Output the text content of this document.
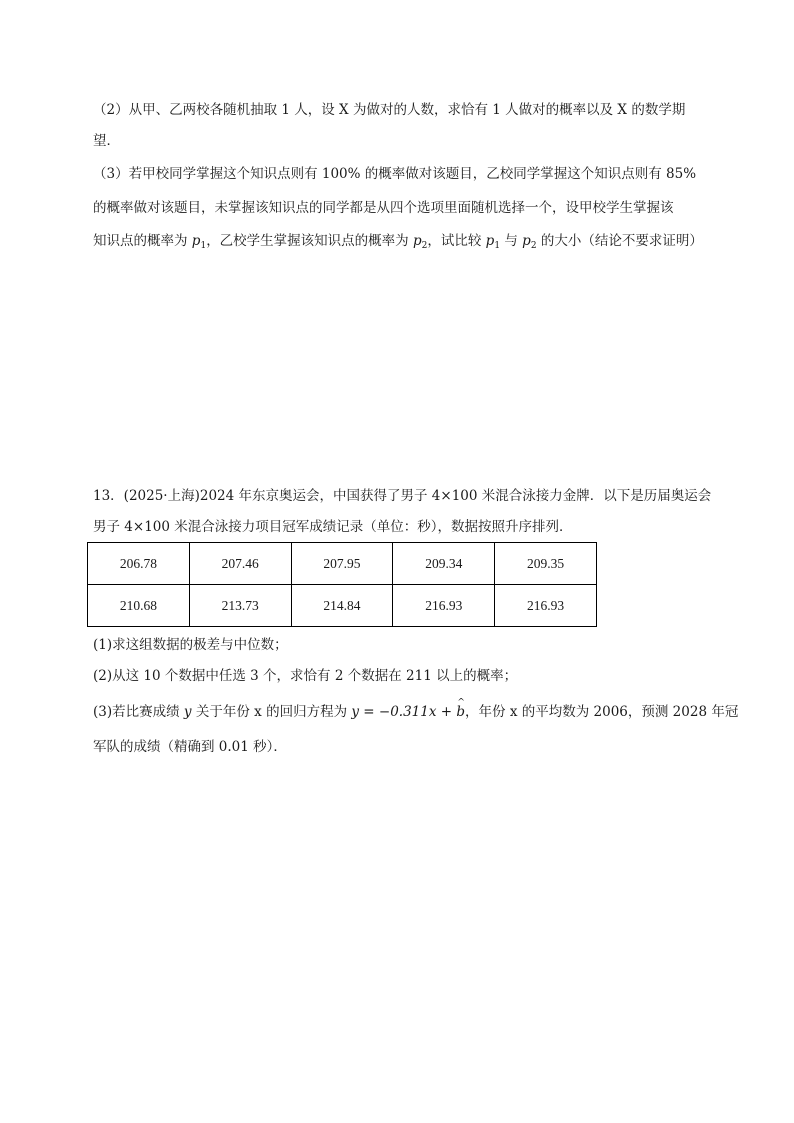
（2）从甲、乙两校各随机抽取 1 人，设 X 为做对的人数，求恰有 1 人做对的概率以及 X 的数学期
望．
（3）若甲校同学掌握这个知识点则有 100% 的概率做对该题目，乙校同学掌握这个知识点则有 85%
的概率做对该题目，未掌握该知识点的同学都是从四个选项里面随机选择一个，设甲校学生掌握该
知识点的概率为 $p_1$，乙校学生掌握该知识点的概率为 $p_2$，试比较 $p_1$ 与 $p_2$ 的大小（结论不要求证明）
13．(2025·上海)2024 年东京奥运会，中国获得了男子 4×100 米混合泳接力金牌．以下是历届奥运会
男子 4×100 米混合泳接力项目冠军成绩记录（单位：秒），数据按照升序排列．
206.78	207.46	207.95	209.34	209.35
210.68	213.73	214.84	216.93	216.93
(1)求这组数据的极差与中位数；
(2)从这 10 个数据中任选 3 个，求恰有 2 个数据在 211 以上的概率；
(3)若比赛成绩 y 关于年份 x 的回归方程为 y = −0.311x + ^ b，年份 x 的平均数为 2006，预测 2028 年冠
军队的成绩（精确到 0.01 秒）．
